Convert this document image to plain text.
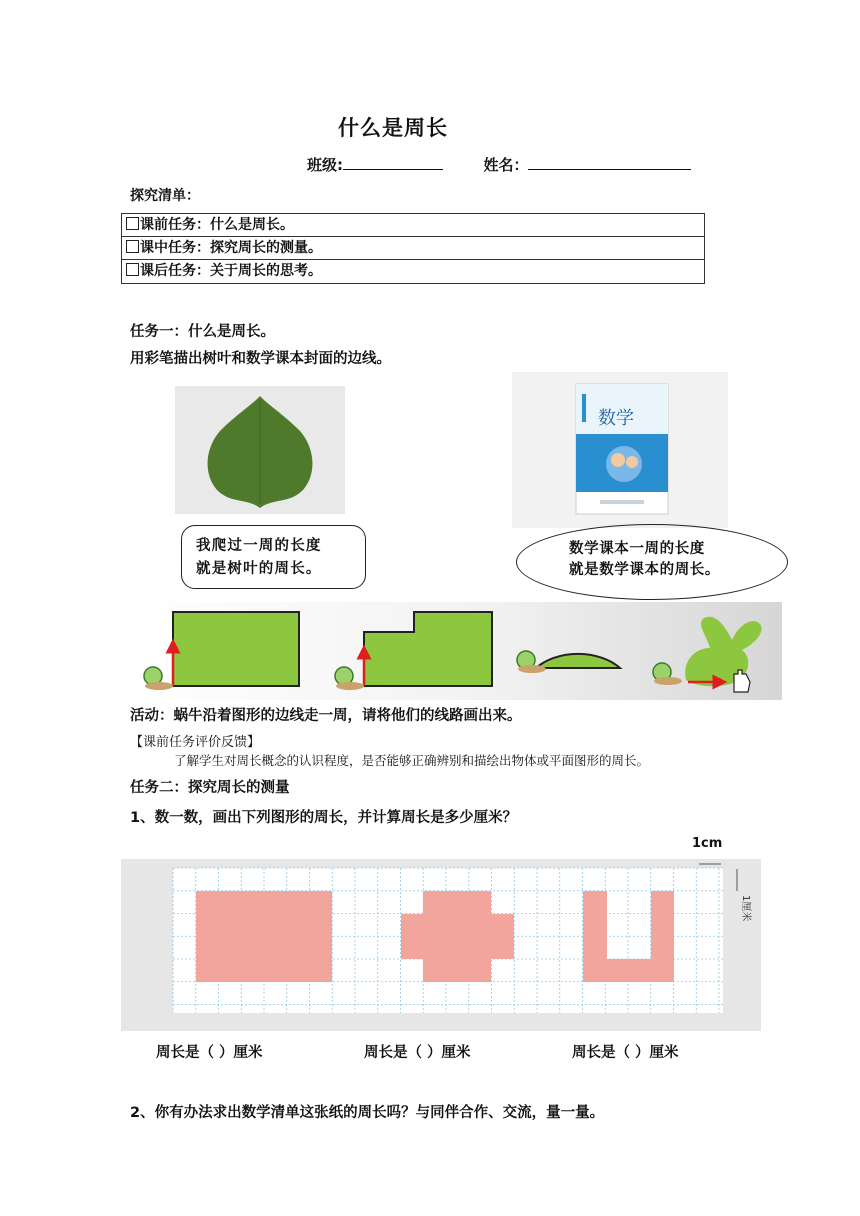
什么是周长
班级:	姓名：
探究清单：
课前任务：什么是周长。
课中任务：探究周长的测量。
课后任务：关于周长的思考。
任务一：什么是周长。
用彩笔描出树叶和数学课本封面的边线。
数学
我爬过一周的长度
就是树叶的周长。
数学课本一周的长度
就是数学课本的周长。
活动：蜗牛沿着图形的边线走一周，请将他们的线路画出来。
【课前任务评价反馈】
了解学生对周长概念的认识程度，是否能够正确辨别和描绘出物体或平面图形的周长。
任务二：探究周长的测量
1、数一数，画出下列图形的周长，并计算周长是多少厘米？
1cm
1厘米
周长是（ ）厘米	周长是（ ）厘米	周长是（ ）厘米
2、你有办法求出数学清单这张纸的周长吗？与同伴合作、交流，量一量。
